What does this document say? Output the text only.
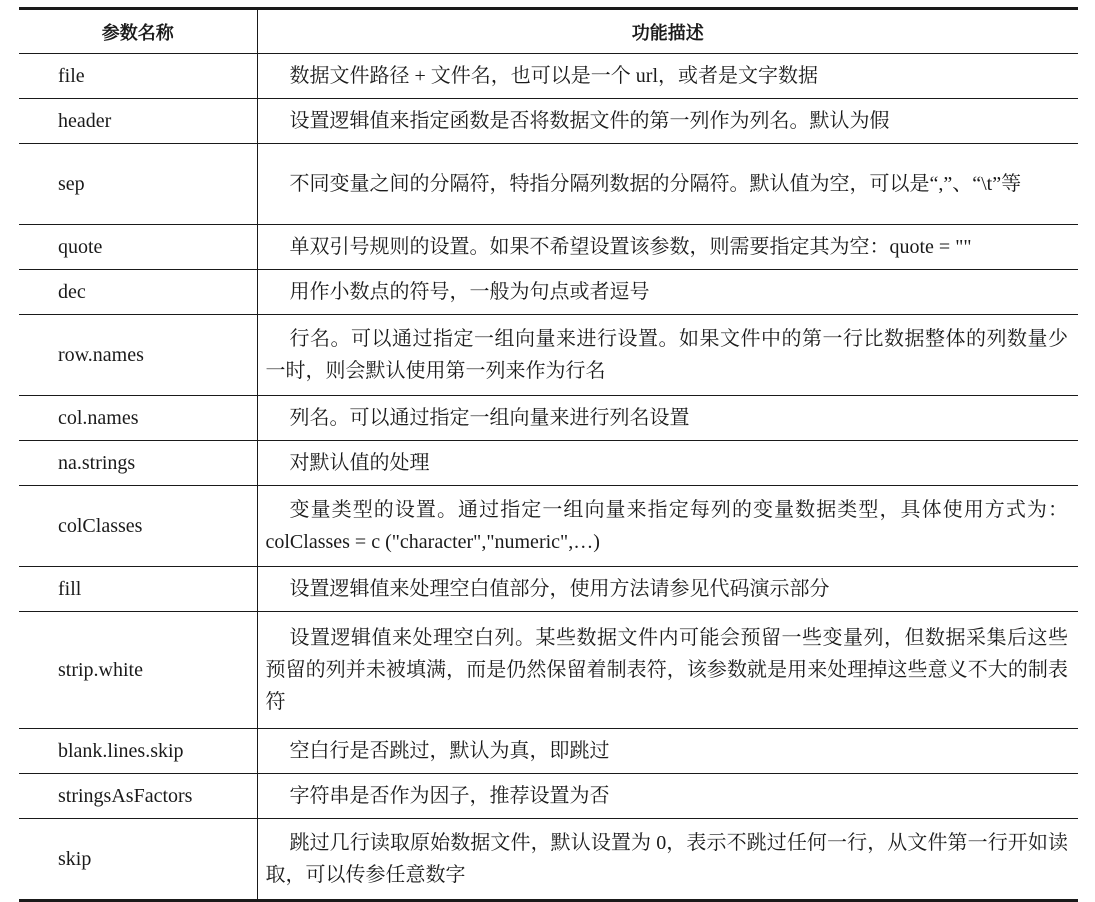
参数名称	功能描述
file	数据文件路径 + 文件名，也可以是一个 url，或者是文字数据
header	设置逻辑值来指定函数是否将数据文件的第一列作为列名。默认为假
sep	不同变量之间的分隔符，特指分隔列数据的分隔符。默认值为空，可以是“,”、“\t”等
quote	单双引号规则的设置。如果不希望设置该参数，则需要指定其为空：quote = ""
dec	用作小数点的符号，一般为句点或者逗号
row.names	行名。可以通过指定一组向量来进行设置。如果文件中的第一行比数据整体的列数量少一时，则会默认使用第一列来作为行名
col.names	列名。可以通过指定一组向量来进行列名设置
na.strings	对默认值的处理
colClasses	变量类型的设置。通过指定一组向量来指定每列的变量数据类型，具体使用方式为：colClasses = c ("character","numeric",…)
fill	设置逻辑值来处理空白值部分，使用方法请参见代码演示部分
strip.white	设置逻辑值来处理空白列。某些数据文件内可能会预留一些变量列，但数据采集后这些预留的列并未被填满，而是仍然保留着制表符，该参数就是用来处理掉这些意义不大的制表符
blank.lines.skip	空白行是否跳过，默认为真，即跳过
stringsAsFactors	字符串是否作为因子，推荐设置为否
skip	跳过几行读取原始数据文件，默认设置为 0，表示不跳过任何一行，从文件第一行开如读取，可以传参任意数字
